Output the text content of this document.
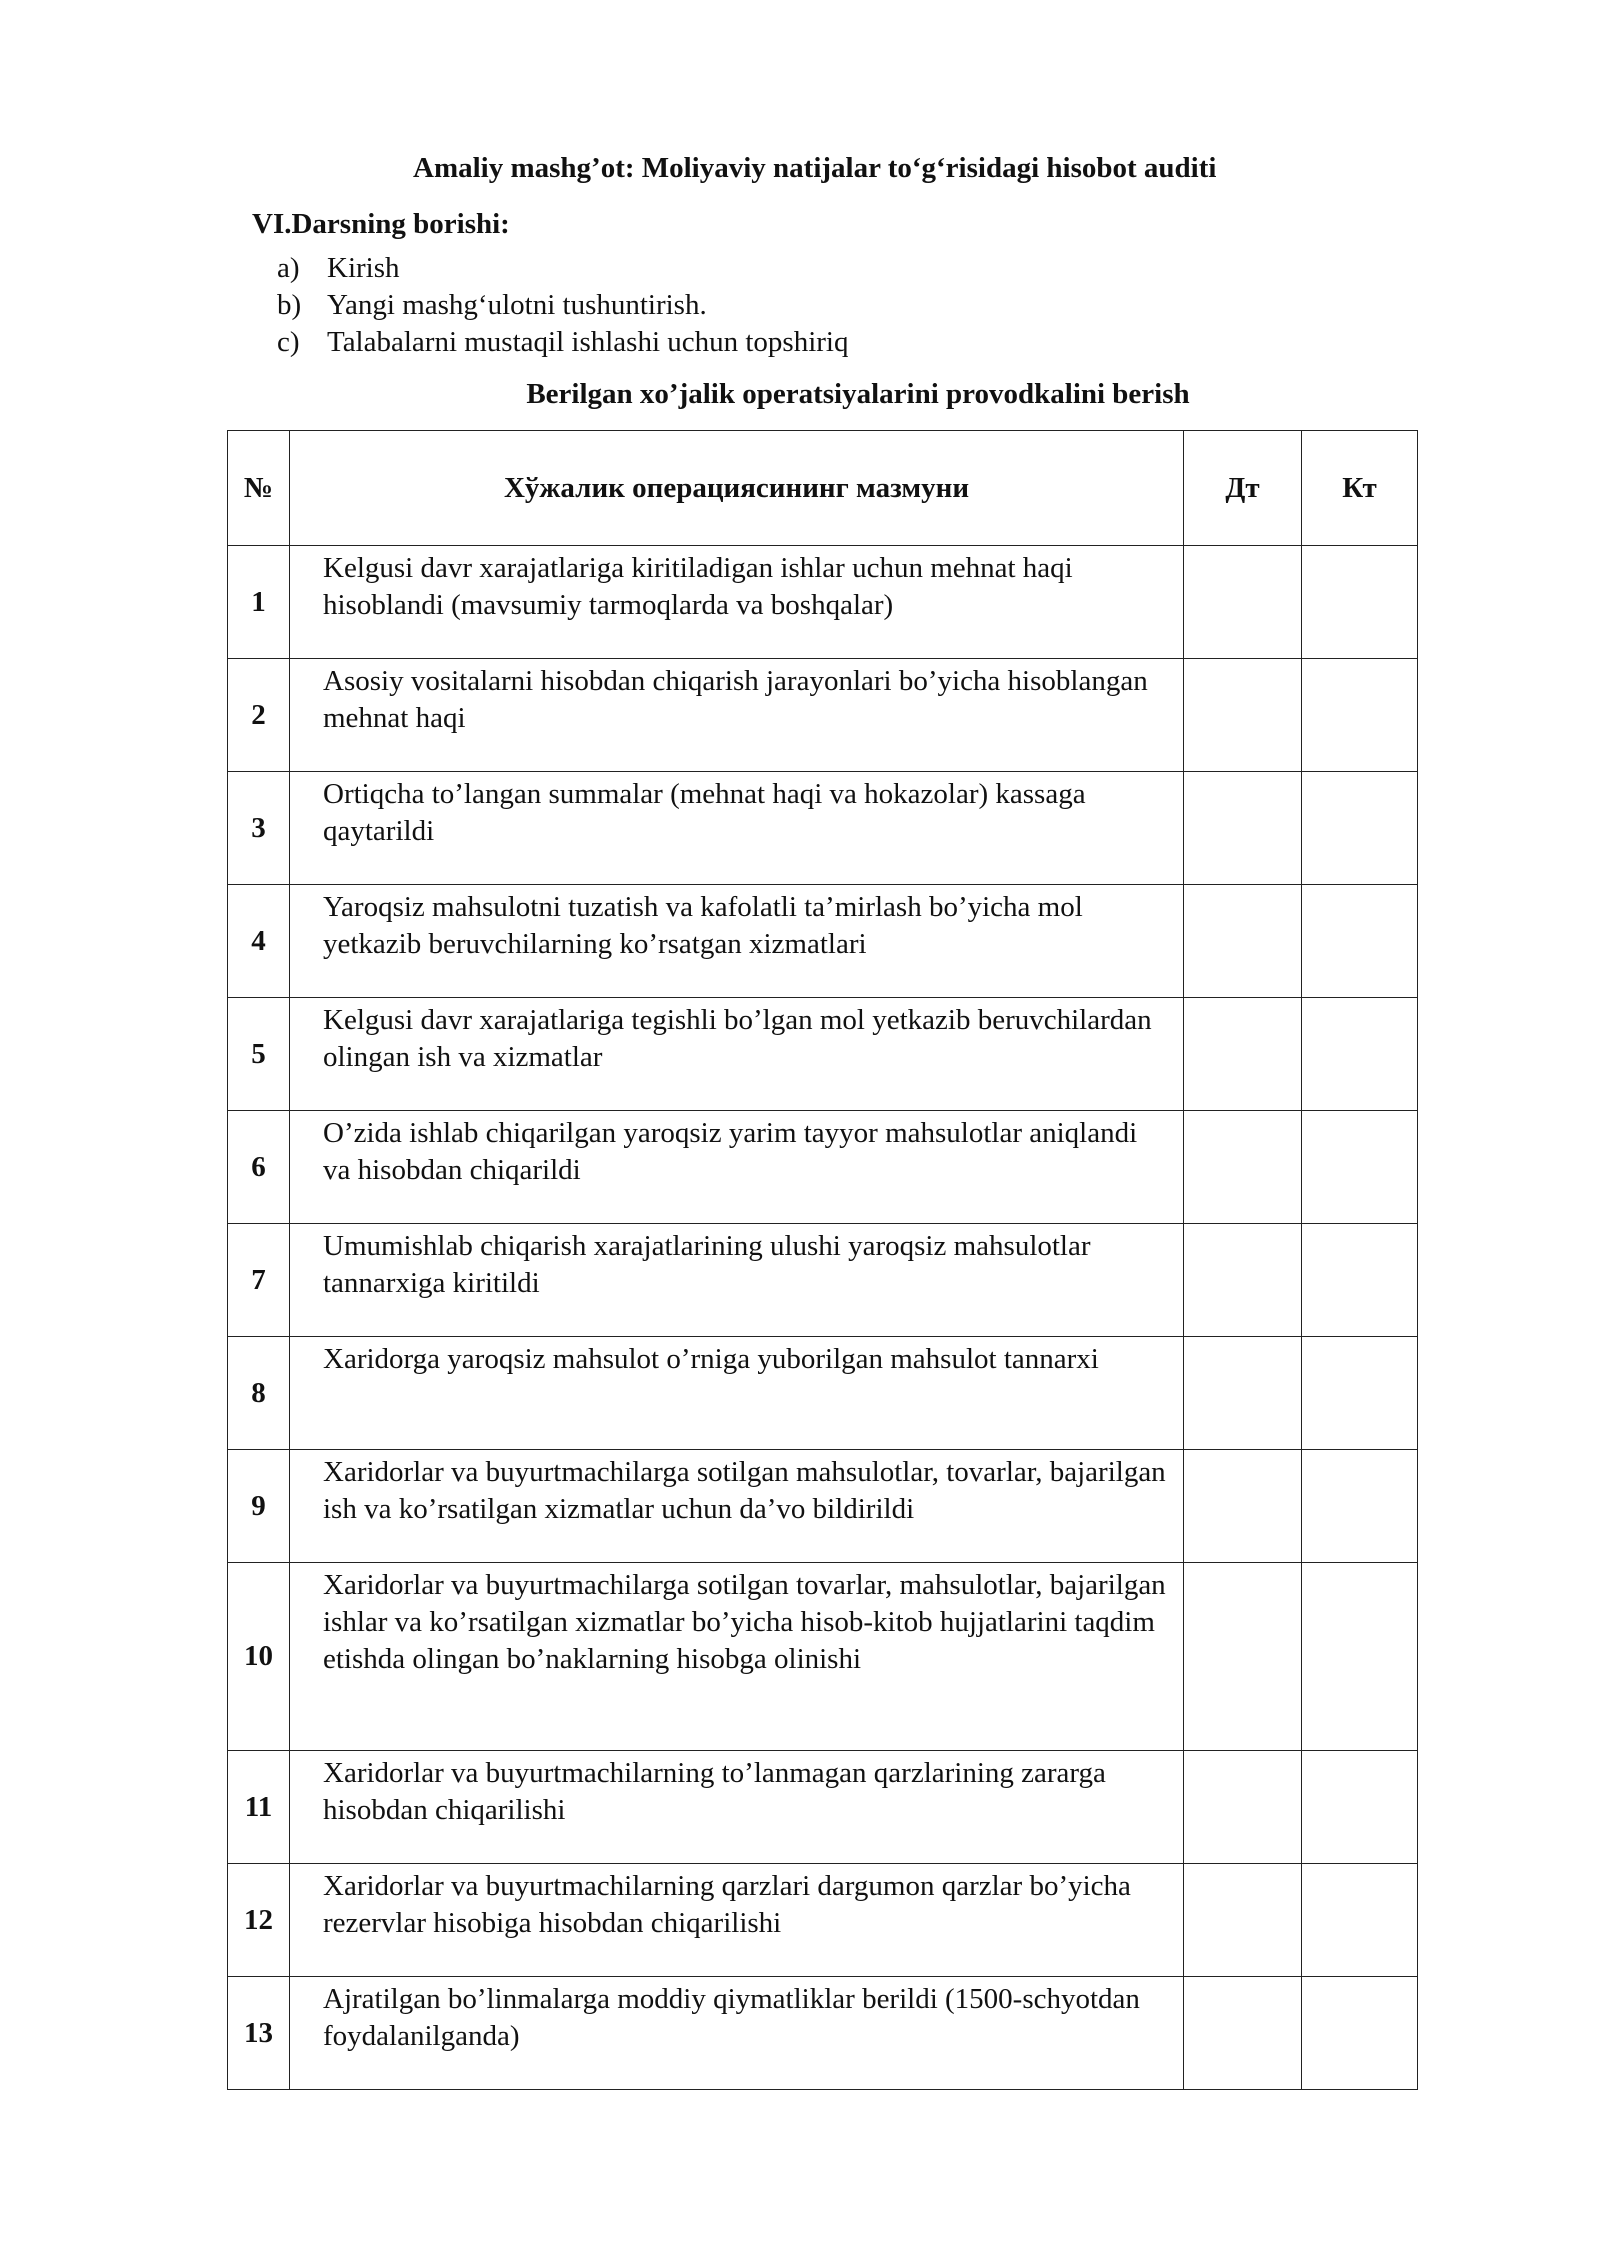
Amaliy mashg’ot: Moliyaviy natijalar to‘g‘risidagi hisobot auditi
VI.Darsning borishi:
a) Kirish
b) Yangi mashg‘ulotni tushuntirish.
c) Talabalarni mustaqil ishlashi uchun topshiriq
Berilgan xo’jalik operatsiyalarini provodkalini berish
№	Хўжалик операциясининг мазмуни	Дт	Кт
1	Kelgusi davr xarajatlariga kiritiladigan ishlar uchun mehnat haqi hisoblandi (mavsumiy tarmoqlarda va boshqalar)		
2	Asosiy vositalarni hisobdan chiqarish jarayonlari bo’yicha hisoblangan mehnat haqi		
3	Ortiqcha to’langan summalar (mehnat haqi va hokazolar) kassaga qaytarildi		
4	Yaroqsiz mahsulotni tuzatish va kafolatli ta’mirlash bo’yicha mol yetkazib beruvchilarning ko’rsatgan xizmatlari		
5	Kelgusi davr xarajatlariga tegishli bo’lgan mol yetkazib beruvchilardan olingan ish va xizmatlar		
6	O’zida ishlab chiqarilgan yaroqsiz yarim tayyor mahsulotlar aniqlandi va hisobdan chiqarildi		
7	Umumishlab chiqarish xarajatlarining ulushi yaroqsiz mahsulotlar tannarxiga kiritildi		
8	Xaridorga yaroqsiz mahsulot o’rniga yuborilgan mahsulot tannarxi		
9	Xaridorlar va buyurtmachilarga sotilgan mahsulotlar, tovarlar, bajarilgan ish va ko’rsatilgan xizmatlar uchun da’vo bildirildi		
10	Xaridorlar va buyurtmachilarga sotilgan tovarlar, mahsulotlar, bajarilgan ishlar va ko’rsatilgan xizmatlar bo’yicha hisob-kitob hujjatlarini taqdim etishda olingan bo’naklarning hisobga olinishi		
11	Xaridorlar va buyurtmachilarning to’lanmagan qarzlarining zararga hisobdan chiqarilishi		
12	Xaridorlar va buyurtmachilarning qarzlari dargumon qarzlar bo’yicha rezervlar hisobiga hisobdan chiqarilishi		
13	Ajratilgan bo’linmalarga moddiy qiymatliklar berildi (1500-schyotdan foydalanilganda)		
